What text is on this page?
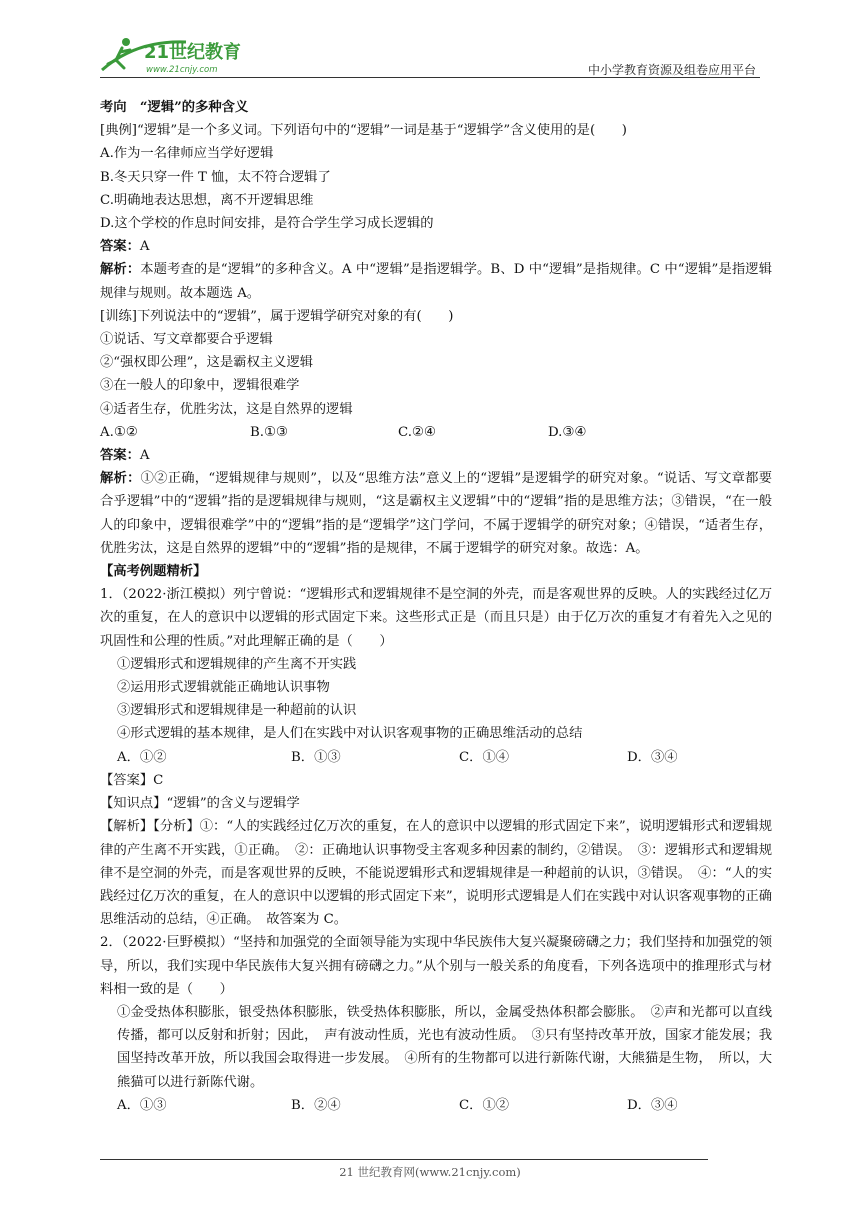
21世纪教育
www.21cnjy.com	中小学教育资源及组卷应用平台

考向　“逻辑”的多种含义

[典例]“逻辑”是一个多义词。下列语句中的“逻辑”一词是基于“逻辑学”含义使用的是(　　)

A.作为一名律师应当学好逻辑

B.冬天只穿一件 T 恤，太不符合逻辑了

C.明确地表达思想，离不开逻辑思维

D.这个学校的作息时间安排，是符合学生学习成长逻辑的

答案：A

解析：本题考查的是“逻辑”的多种含义。A 中“逻辑”是指逻辑学。B、D 中“逻辑”是指规律。C 中“逻辑”是指逻辑规律与规则。故本题选 A。

[训练]下列说法中的“逻辑”，属于逻辑学研究对象的有(　　)

①说话、写文章都要合乎逻辑

②“强权即公理”，这是霸权主义逻辑

③在一般人的印象中，逻辑很难学

④适者生存，优胜劣汰，这是自然界的逻辑

A.①②	B.①③	C.②④	D.③④

答案：A

解析：①②正确，“逻辑规律与规则”，以及“思维方法”意义上的“逻辑”是逻辑学的研究对象。“说话、写文章都要合乎逻辑”中的“逻辑”指的是逻辑规律与规则，“这是霸权主义逻辑”中的“逻辑”指的是思维方法；③错误，“在一般人的印象中，逻辑很难学”中的“逻辑”指的是“逻辑学”这门学问，不属于逻辑学的研究对象；④错误，“适者生存，优胜劣汰，这是自然界的逻辑”中的“逻辑”指的是规律，不属于逻辑学的研究对象。故选：A。

【高考例题精析】

1．（2022·浙江模拟）列宁曾说：“逻辑形式和逻辑规律不是空洞的外壳，而是客观世界的反映。人的实践经过亿万次的重复，在人的意识中以逻辑的形式固定下来。这些形式正是（而且只是）由于亿万次的重复才有着先入之见的巩固性和公理的性质。”对此理解正确的是（　　）

①逻辑形式和逻辑规律的产生离不开实践

②运用形式逻辑就能正确地认识事物

③逻辑形式和逻辑规律是一种超前的认识

④形式逻辑的基本规律，是人们在实践中对认识客观事物的正确思维活动的总结

A．①②	B．①③	C．①④	D．③④

【答案】C

【知识点】“逻辑”的含义与逻辑学

【解析】【分析】①：“人的实践经过亿万次的重复，在人的意识中以逻辑的形式固定下来”，说明逻辑形式和逻辑规律的产生离不开实践，①正确。　②：正确地认识事物受主客观多种因素的制约，②错误。　③：逻辑形式和逻辑规律不是空洞的外壳，而是客观世界的反映，不能说逻辑形式和逻辑规律是一种超前的认识，③错误。　④：“人的实践经过亿万次的重复，在人的意识中以逻辑的形式固定下来”，说明形式逻辑是人们在实践中对认识客观事物的正确思维活动的总结，④正确。　故答案为 C。

2．（2022·巨野模拟）“坚持和加强党的全面领导能为实现中华民族伟大复兴凝聚磅礴之力；我们坚持和加强党的领导，所以，我们实现中华民族伟大复兴拥有磅礴之力。”从个别与一般关系的角度看，下列各选项中的推理形式与材料相一致的是（　　）

①金受热体积膨胀，银受热体积膨胀，铁受热体积膨胀，所以，金属受热体积都会膨胀。　②声和光都可以直线传播，都可以反射和折射；因此，　声有波动性质，光也有波动性质。　③只有坚持改革开放，国家才能发展；我国坚持改革开放，所以我国会取得进一步发展。　④所有的生物都可以进行新陈代谢，大熊猫是生物，　所以，大熊猫可以进行新陈代谢。

A．①③	B．②④	C．①②	D．③④
21 世纪教育网(www.21cnjy.com)
